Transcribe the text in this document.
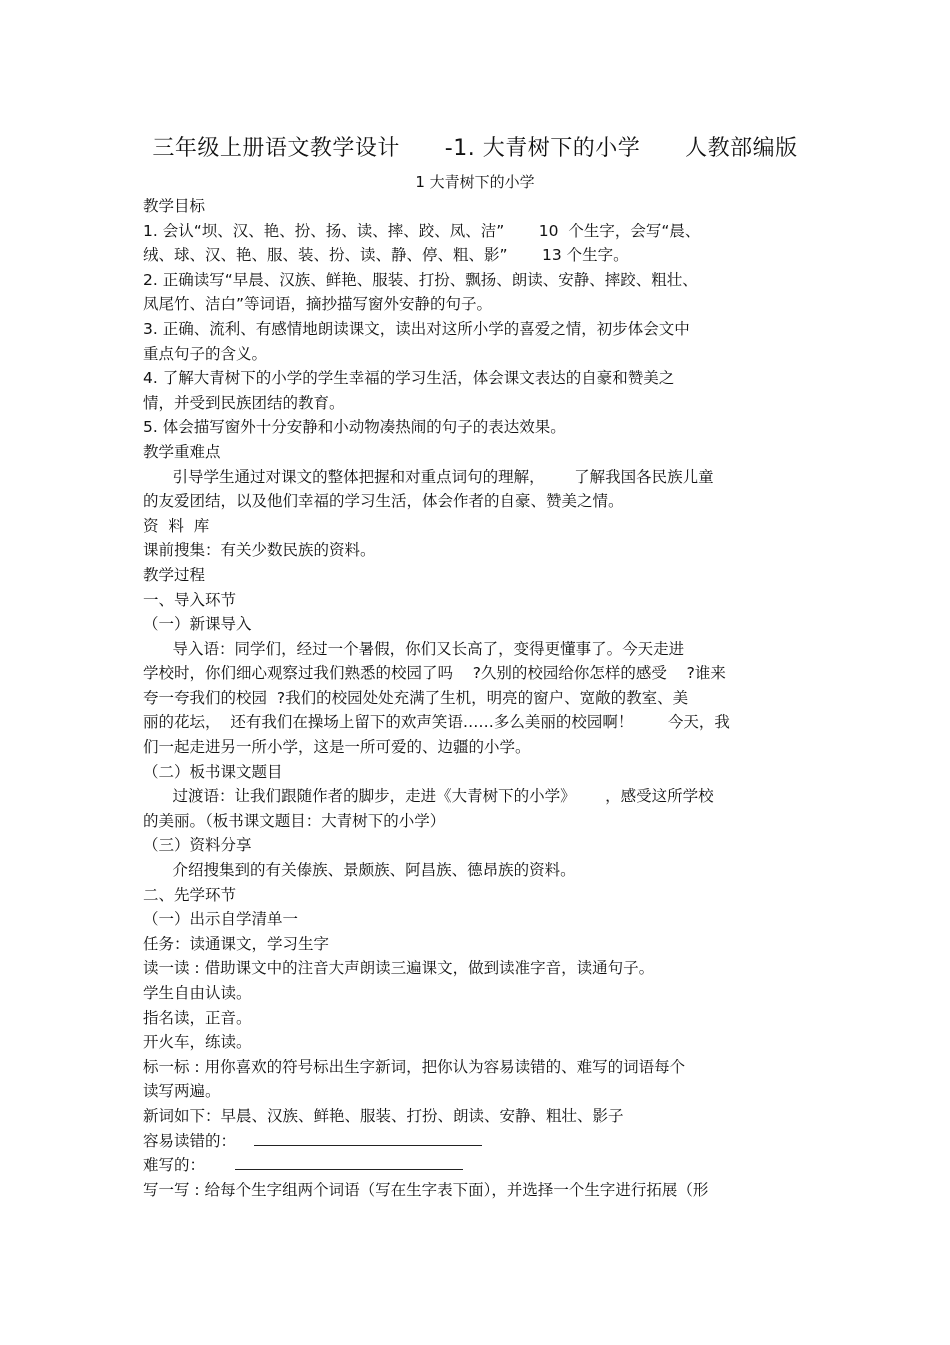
三年级上册语文教学设计      -1. 大青树下的小学      人教部编版
1 大青树下的小学
教学目标
1. 会认“坝、汉、艳、扮、扬、读、摔、跤、凤、洁”       10  个生字，会写“晨、
绒、球、汉、艳、服、装、扮、读、静、停、粗、影”       13 个生字。
2. 正确读写“早晨、汉族、鲜艳、服装、打扮、飘扬、朗读、安静、摔跤、粗壮、
凤尾竹、洁白”等词语，摘抄描写窗外安静的句子。
3. 正确、流利、有感情地朗读课文，读出对这所小学的喜爱之情，初步体会文中
重点句子的含义。
4. 了解大青树下的小学的学生幸福的学习生活，体会课文表达的自豪和赞美之
情，并受到民族团结的教育。
5. 体会描写窗外十分安静和小动物凑热闹的句子的表达效果。
教学重难点
引导学生通过对课文的整体把握和对重点词句的理解，      了解我国各民族儿童
的友爱团结，以及他们幸福的学习生活，体会作者的自豪、赞美之情。
资  料  库
课前搜集：有关少数民族的资料。
教学过程
一、导入环节
（一）新课导入
导入语：同学们，经过一个暑假，你们又长高了，变得更懂事了。今天走进
学校时，你们细心观察过我们熟悉的校园了吗    ?久别的校园给你怎样的感受    ?谁来
夸一夸我们的校园  ?我们的校园处处充满了生机，明亮的窗户、宽敞的教室、美
丽的花坛，  还有我们在操场上留下的欢声笑语……多么美丽的校园啊！       今天，我
们一起走进另一所小学，这是一所可爱的、边疆的小学。
（二）板书课文题目
过渡语：让我们跟随作者的脚步，走进《大青树下的小学》      ，感受这所学校
的美丽。（板书课文题目：大青树下的小学）
（三）资料分享
介绍搜集到的有关傣族、景颇族、阿昌族、德昂族的资料。
二、先学环节
（一）出示自学清单一
任务：读通课文，学习生字
读一读 : 借助课文中的注音大声朗读三遍课文，做到读准字音，读通句子。
学生自由认读。
指名读，正音。
开火车，练读。
标一标 : 用你喜欢的符号标出生字新词，把你认为容易读错的、难写的词语每个
读写两遍。
新词如下：早晨、汉族、鲜艳、服装、打扮、朗读、安静、粗壮、影子
容易读错的：
难写的：
写一写 : 给每个生字组两个词语（写在生字表下面），并选择一个生字进行拓展（形
